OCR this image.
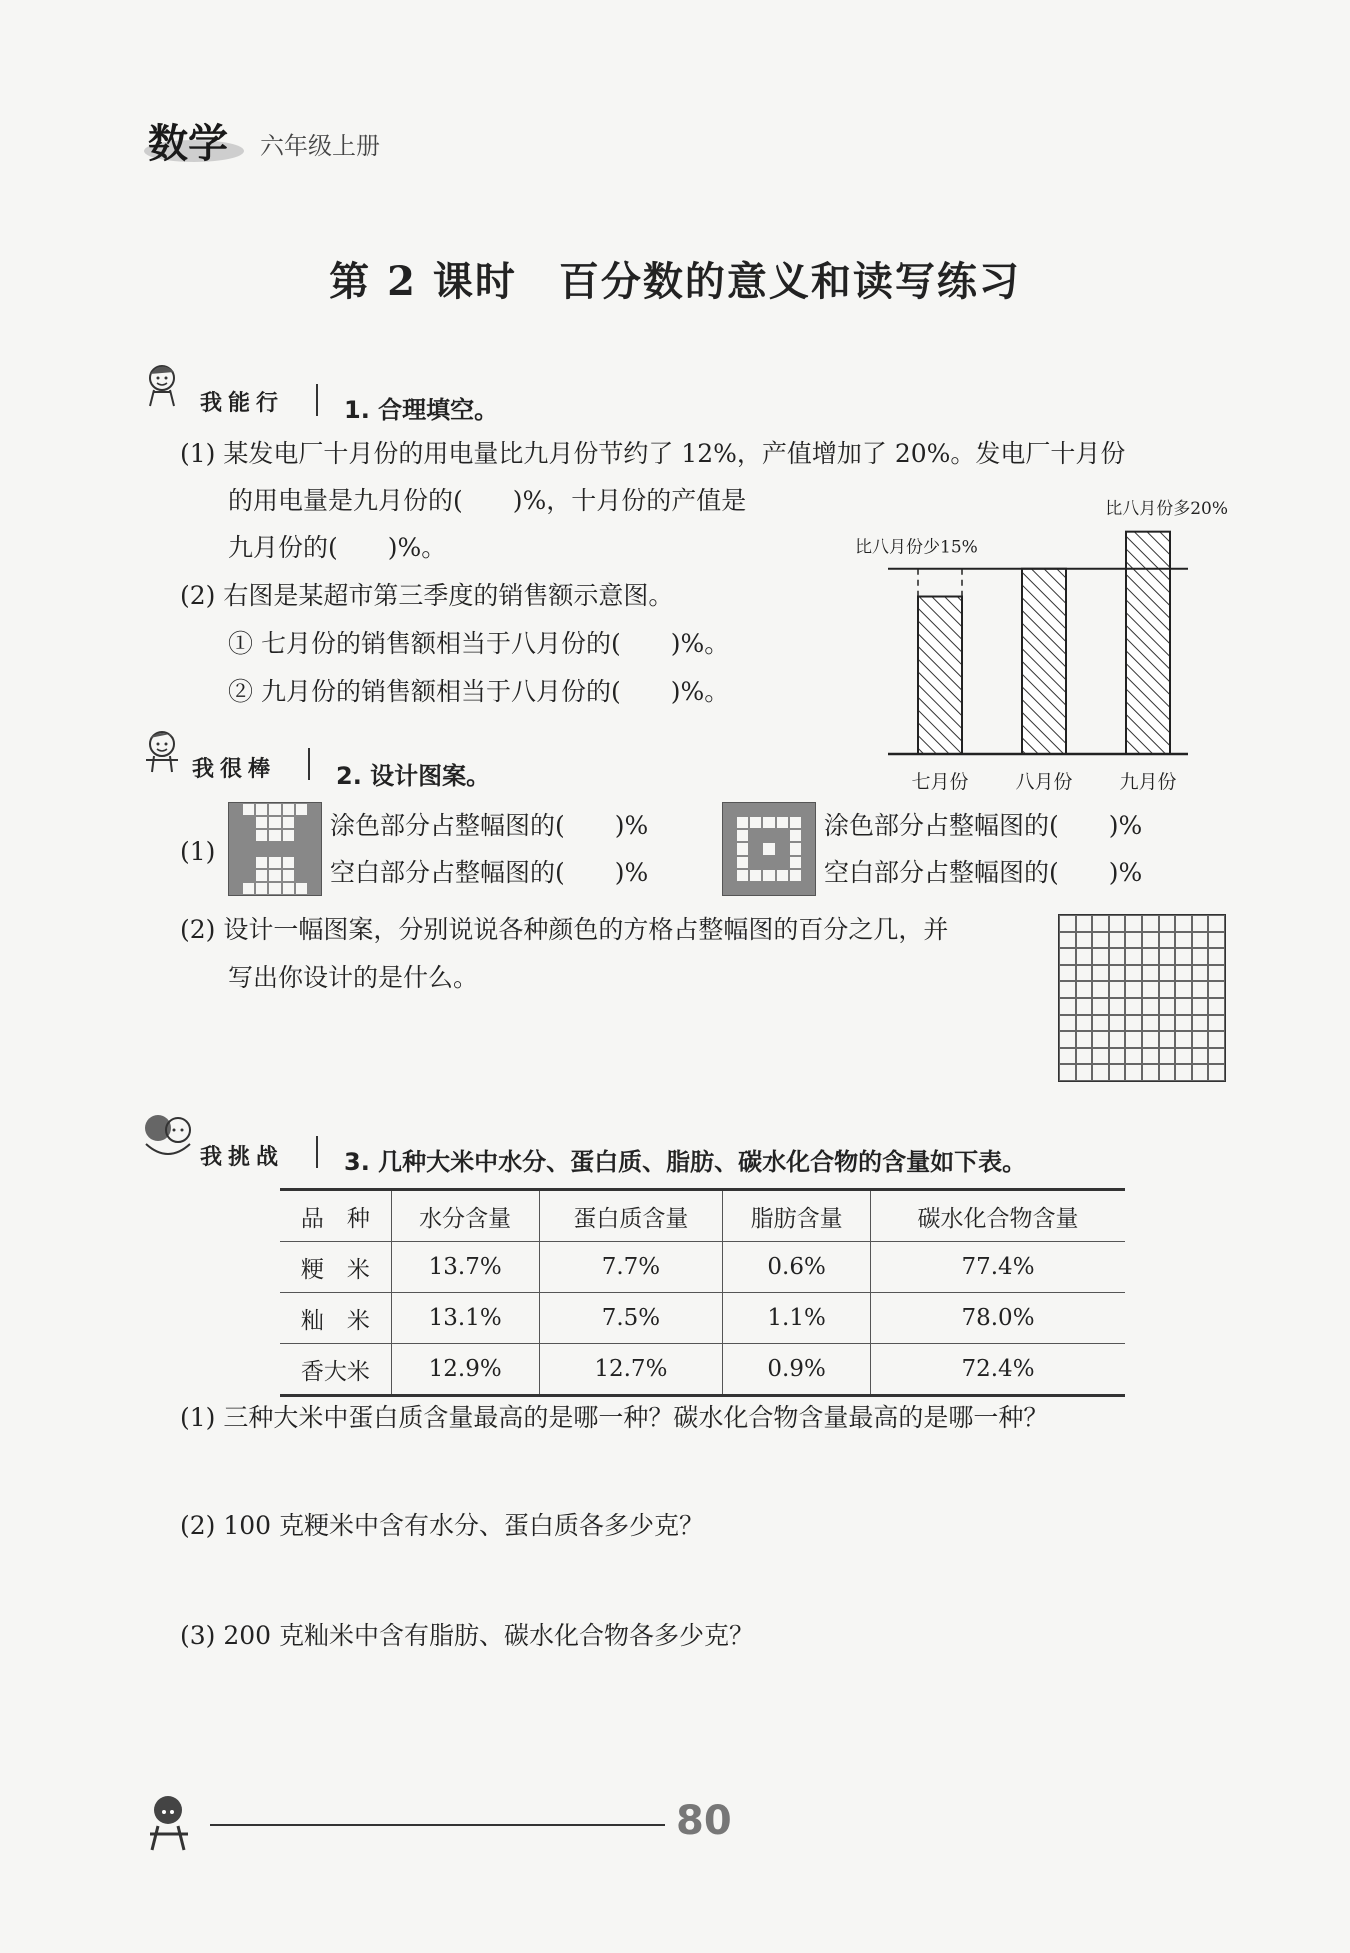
数学 六年级上册
第 2 课时　百分数的意义和读写练习
我能行 1. 合理填空。
(1) 某发电厂十月份的用电量比九月份节约了 12%，产值增加了 20%。发电厂十月份
的用电量是九月份的(　　)%，十月份的产值是
九月份的(　　)%。
(2) 右图是某超市第三季度的销售额示意图。
① 七月份的销售额相当于八月份的(　　)%。
② 九月份的销售额相当于八月份的(　　)%。
七月份 八月份 九月份
比八月份少15%
比八月份多20%
我很棒 2. 设计图案。
(1)
涂色部分占整幅图的(　　)%
空白部分占整幅图的(　　)%
涂色部分占整幅图的(　　)%
空白部分占整幅图的(　　)%
(2) 设计一幅图案，分别说说各种颜色的方格占整幅图的百分之几，并
写出你设计的是什么。
我挑战 3. 几种大米中水分、蛋白质、脂肪、碳水化合物的含量如下表。
品　种	水分含量	蛋白质含量	脂肪含量	碳水化合物含量
粳　米	13.7%	7.7%	0.6%	77.4%
籼　米	13.1%	7.5%	1.1%	78.0%
香大米	12.9%	12.7%	0.9%	72.4%
(1) 三种大米中蛋白质含量最高的是哪一种？碳水化合物含量最高的是哪一种？
(2) 100 克粳米中含有水分、蛋白质各多少克？
(3) 200 克籼米中含有脂肪、碳水化合物各多少克？
80
